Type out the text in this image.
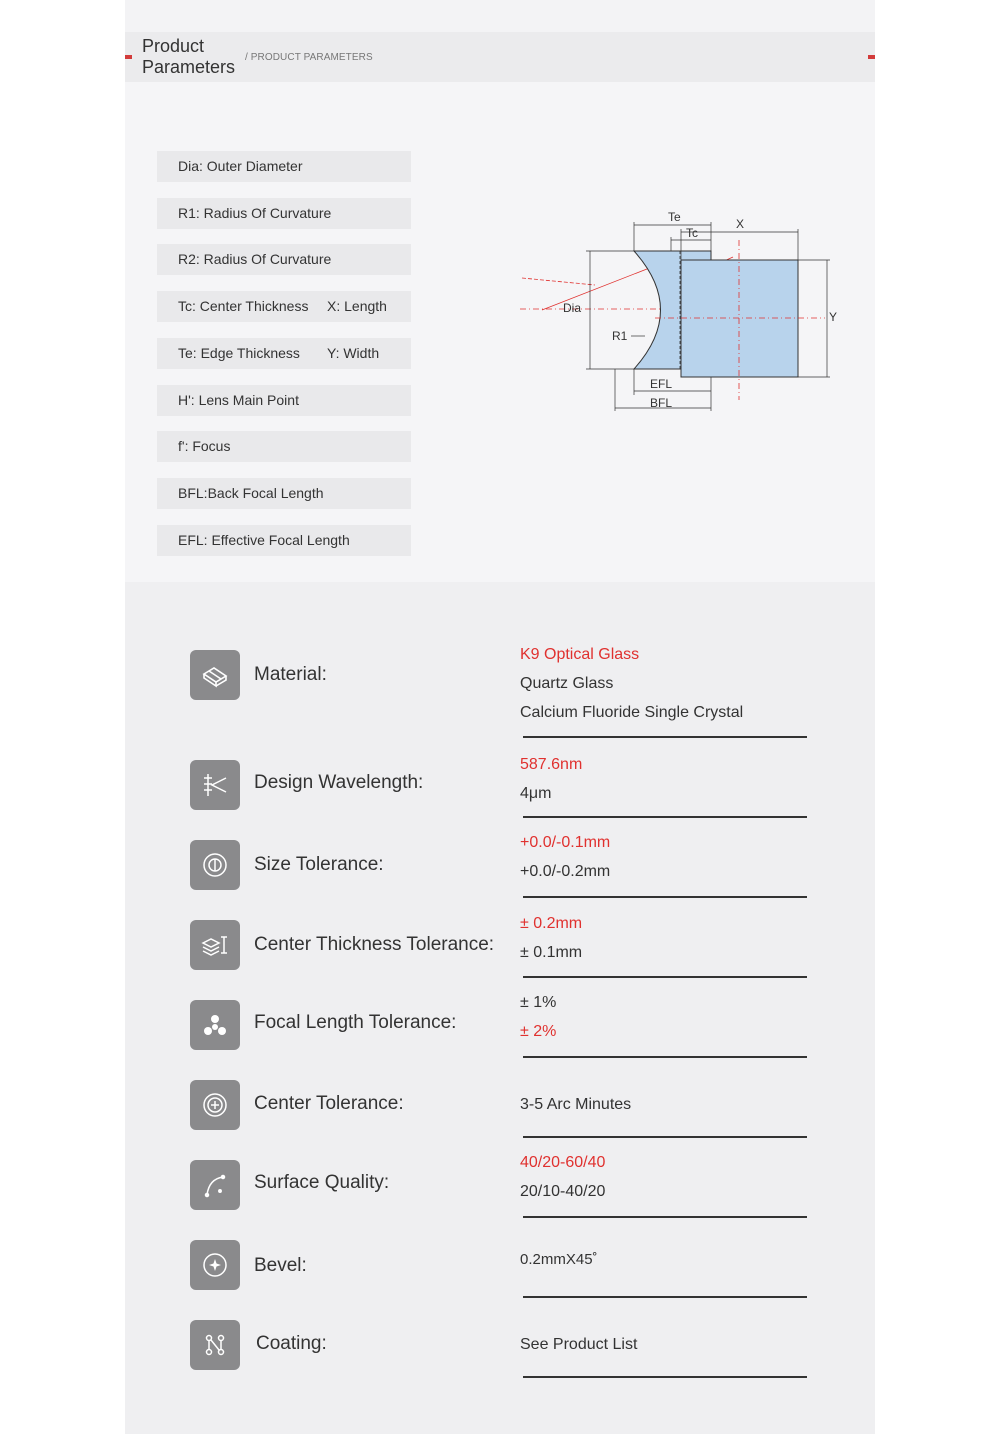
Product
Parameters / PRODUCT PARAMETERS
Dia: Outer Diameter
R1: Radius Of Curvature
R2: Radius Of Curvature
Tc: Center Thickness X: Length
Te: Edge Thickness Y: Width
H': Lens Main Point
f': Focus
BFL:Back Focal Length
EFL: Effective Focal Length
Te
Tc
Dia
R1
EFL
BFL
X
Y
Material:
K9 Optical Glass
Quartz Glass
Calcium Fluoride Single Crystal
Design Wavelength:
587.6nm
4μm
Size Tolerance:
+0.0/-0.1mm
+0.0/-0.2mm
Center Thickness Tolerance:
± 0.2mm
± 0.1mm
Focal Length Tolerance:
± 1%
± 2%
Center Tolerance:	3-5 Arc Minutes
Surface Quality:
40/20-60/40
20/10-40/20
Bevel:	0.2mmX45˚
Coating:	See Product List
